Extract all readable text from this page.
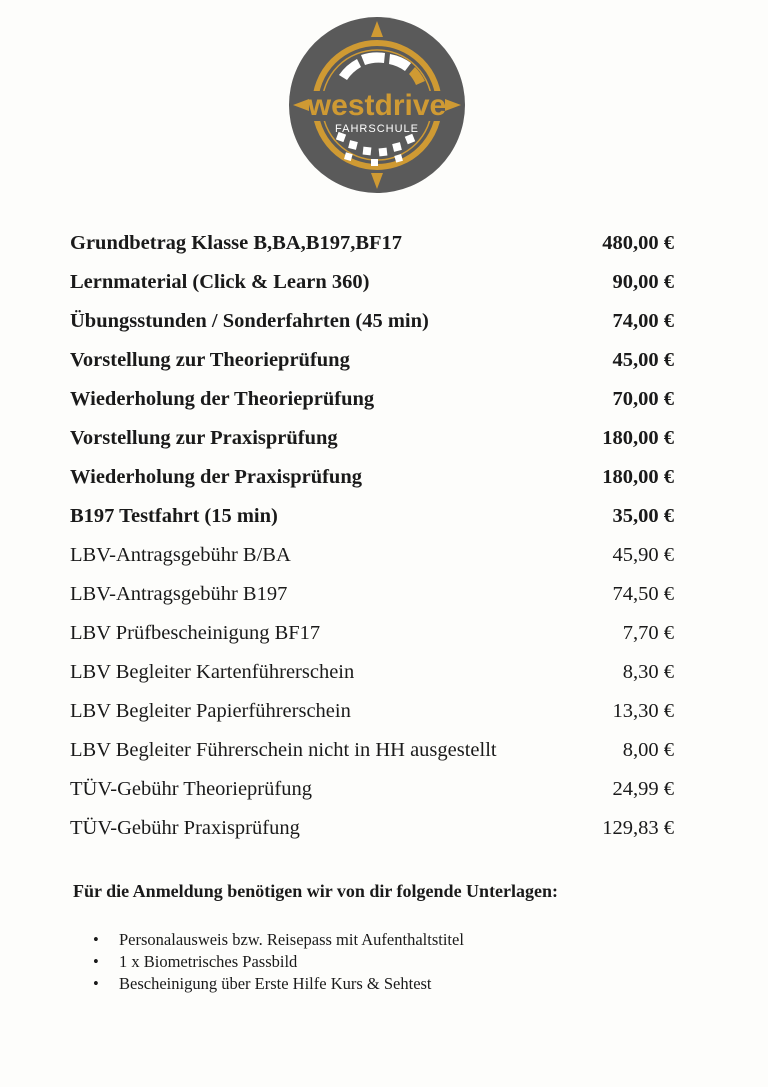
westdrive
FAHRSCHULE
Grundbetrag Klasse B,BA,B197,BF17	480,00 €
Lernmaterial (Click & Learn 360)	90,00 €
Übungsstunden / Sonderfahrten (45 min)	74,00 €
Vorstellung zur Theorieprüfung	45,00 €
Wiederholung der Theorieprüfung	70,00 €
Vorstellung zur Praxisprüfung	180,00 €
Wiederholung der Praxisprüfung	180,00 €
B197 Testfahrt (15 min)	35,00 €
LBV-Antragsgebühr B/BA	45,90 €
LBV-Antragsgebühr B197	74,50 €
LBV Prüfbescheinigung BF17	7,70 €
LBV Begleiter Kartenführerschein	8,30 €
LBV Begleiter Papierführerschein	13,30 €
LBV Begleiter Führerschein nicht in HH ausgestellt	8,00 €
TÜV-Gebühr Theorieprüfung	24,99 €
TÜV-Gebühr Praxisprüfung	129,83 €
Für die Anmeldung benötigen wir von dir folgende Unterlagen:
• Personalausweis bzw. Reisepass mit Aufenthaltstitel
• 1 x Biometrisches Passbild
• Bescheinigung über Erste Hilfe Kurs & Sehtest
